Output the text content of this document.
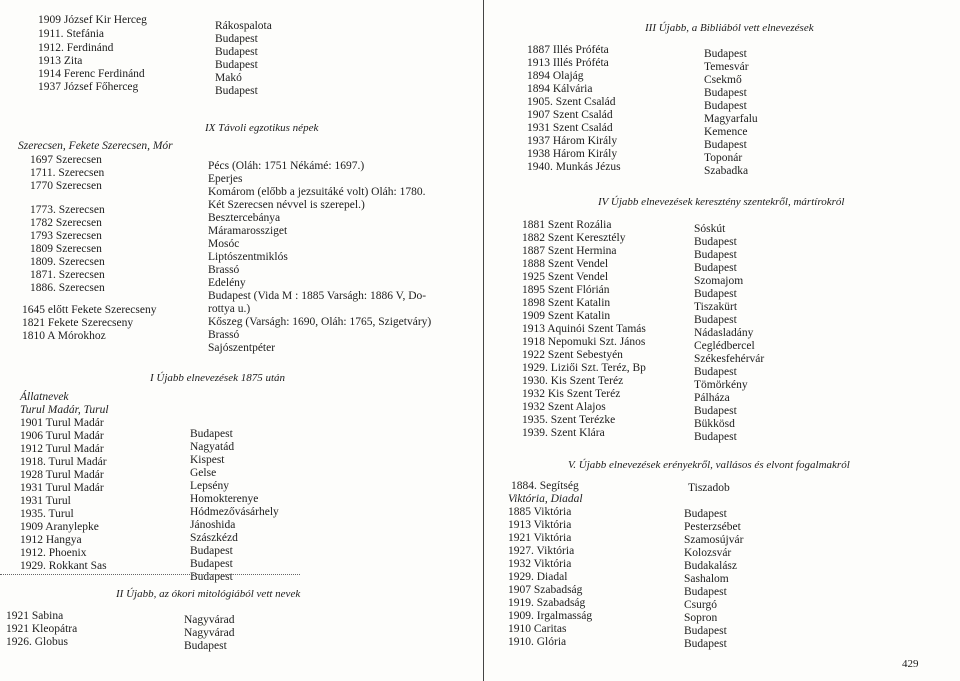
1909 József Kir Herceg
1911. Stefánia
1912. Ferdinánd
1913 Zita
1914 Ferenc Ferdinánd
1937 József Főherceg
Rákospalota
Budapest
Budapest
Budapest
Makó
Budapest
IX Távoli egzotikus népek
Szerecsen, Fekete Szerecsen, Mór
1697 Szerecsen
1711. Szerecsen
1770 Szerecsen
1773. Szerecsen
1782 Szerecsen
1793 Szerecsen
1809 Szerecsen
1809. Szerecsen
1871. Szerecsen
1886. Szerecsen
Pécs (Oláh: 1751 Nékámé: 1697.)
Eperjes
Komárom (előbb a jezsuitáké volt) Oláh: 1780.
Két Szerecsen névvel is szerepel.)
Besztercebánya
Máramarossziget
Mosóc
Liptószentmiklós
Brassó
Edelény
Budapest (Vida M : 1885 Varságh: 1886 V, Do-
rottya u.)
Kőszeg (Varságh: 1690, Oláh: 1765, Szigetváry)
Brassó
Sajószentpéter
1645 előtt Fekete Szerecseny
1821 Fekete Szerecseny
1810 A Mórokhoz
I Újabb elnevezések 1875 után
Állatnevek
Turul Madár, Turul
1901 Turul Madár
1906 Turul Madár
1912 Turul Madár
1918. Turul Madár
1928 Turul Madár
1931 Turul Madár
1931 Turul
1935. Turul
1909 Aranylepke
1912 Hangya
1912. Phoenix
1929. Rokkant Sas
Budapest
Nagyatád
Kispest
Gelse
Lepsény
Homokterenye
Hódmezővásárhely
Jánoshida
Szászkézd
Budapest
Budapest
Budapest
II Újabb, az ókori mitológiából vett nevek
1921 Sabina
1921 Kleopátra
1926. Globus
Nagyvárad
Nagyvárad
Budapest
III Újabb, a Bibliából vett elnevezések
1887 Illés Próféta
1913 Illés Próféta
1894 Olajág
1894 Kálvária
1905. Szent Család
1907 Szent Család
1931 Szent Család
1937 Három Király
1938 Három Király
1940. Munkás Jézus
Budapest
Temesvár
Csekmő
Budapest
Budapest
Magyarfalu
Kemence
Budapest
Toponár
Szabadka
IV Újabb elnevezések keresztény szentekről, mártírokról
1881 Szent Rozália
1882 Szent Keresztély
1887 Szent Hermina
1888 Szent Vendel
1925 Szent Vendel
1895 Szent Flórián
1898 Szent Katalin
1909 Szent Katalin
1913 Aquinói Szent Tamás
1918 Nepomuki Szt. János
1922 Szent Sebestyén
1929. Liziői Szt. Teréz, Bp
1930. Kis Szent Teréz
1932 Kis Szent Teréz
1932 Szent Alajos
1935. Szent Terézke
1939. Szent Klára
Sóskút
Budapest
Budapest
Budapest
Szomajom
Budapest
Tiszakürt
Budapest
Nádasladány
Ceglédbercel
Székesfehérvár
Budapest
Tömörkény
Pálháza
Budapest
Bükkösd
Budapest
V. Újabb elnevezések erényekről, vallásos és elvont fogalmakról
1884. Segítség	Tiszadob
Viktória, Diadal
1885 Viktória
1913 Viktória
1921 Viktória
1927. Viktória
1932 Viktória
1929. Diadal
1907 Szabadság
1919. Szabadság
1909. Irgalmasság
1910 Caritas
1910. Glória
Budapest
Pesterzsébet
Szamosújvár
Kolozsvár
Budakalász
Sashalom
Budapest
Csurgó
Sopron
Budapest
Budapest
429
